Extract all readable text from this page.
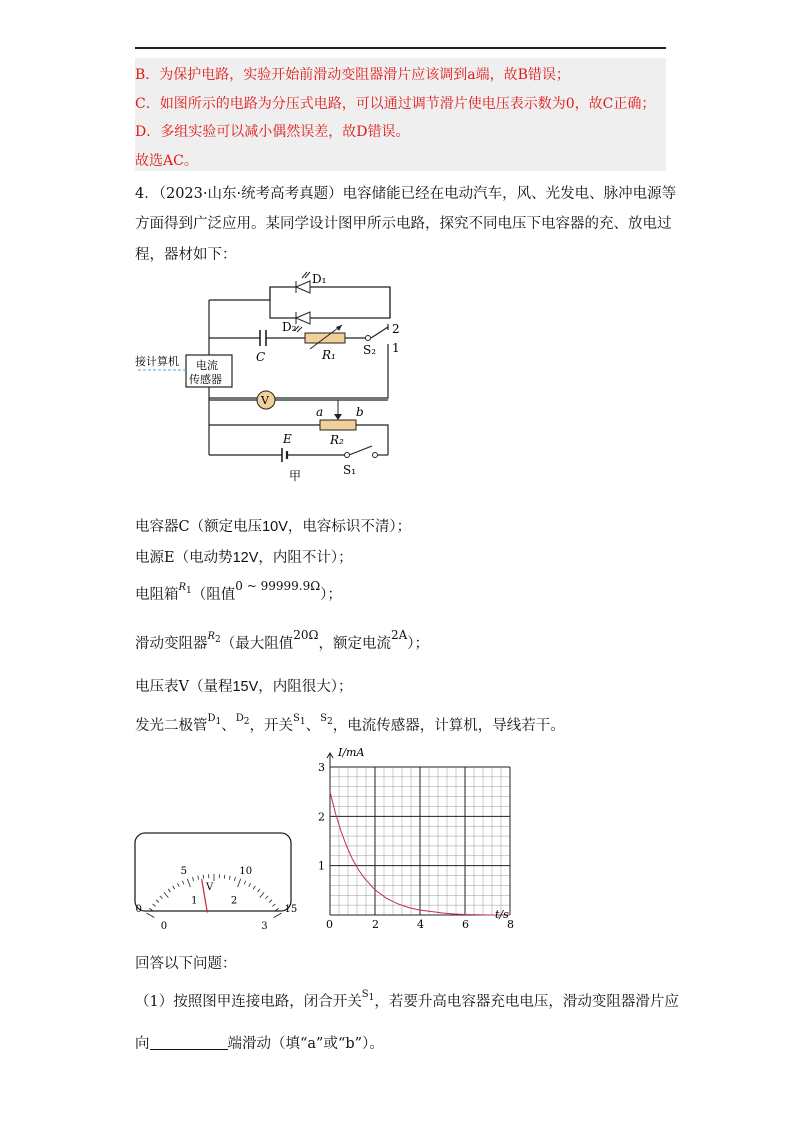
B．为保护电路，实验开始前滑动变阻器滑片应该调到a端，故B错误；
C．如图所示的电路为分压式电路，可以通过调节滑片使电压表示数为0，故C正确；
D．多组实验可以减小偶然误差，故D错误。
故选AC。
4．（2023·山东·统考高考真题）电容储能已经在电动汽车，风、光发电、脉冲电源等
方面得到广泛应用。某同学设计图甲所示电路，探究不同电压下电容器的充、放电过
程，器材如下：
V
D₁
D₂
C	R₁ S₂
2
1
接计算机 电流
传感器
a	b
R₂
E
S₁
甲
电容器C（额定电压10V，电容标识不清）；
电源E（电动势12V，内阻不计）；
电阻箱$^{R1}$（阻值$^{0 \sim 99999.9\Omega}$）；
滑动变阻器$^{R2}$（最大阻值$^{20\Omega}$，额定电流$^{2A}$）；
电压表V（量程15V，内阻很大）；
发光二极管$^{D1}$、$^{D2}$，开关$^{S1}$、$^{S2}$，电流传感器，计算机，导线若干。
0
5	10
15
0
1	2
3
V
2	4	6	8
1
2
3
0
t/s
I/mA
回答以下问题：
（1）按照图甲连接电路，闭合开关$^{S1}$，若要升高电容器充电电压，滑动变阻器滑片应
向	端滑动（填“a”或“b”）。
